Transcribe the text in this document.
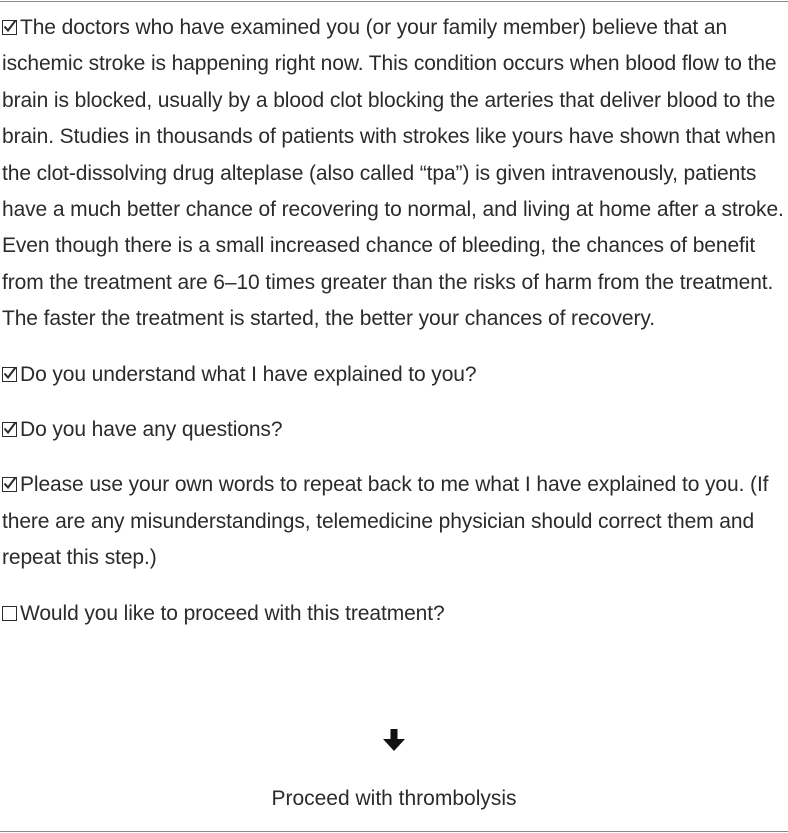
The doctors who have examined you (or your family member) believe that an ischemic stroke is happening right now. This condition occurs when blood flow to the brain is blocked, usually by a blood clot blocking the arteries that deliver blood to the brain. Studies in thousands of patients with strokes like yours have shown that when the clot-dissolving drug alteplase (also called “tpa”) is given intravenously, patients have a much better chance of recovering to normal, and living at home after a stroke. Even though there is a small increased chance of bleeding, the chances of benefit from the treatment are 6–10 times greater than the risks of harm from the treatment. The faster the treatment is started, the better your chances of recovery.

Do you understand what I have explained to you?

Do you have any questions?

Please use your own words to repeat back to me what I have explained to you. (If there are any misunderstandings, telemedicine physician should correct them and repeat this step.)

Would you like to proceed with this treatment?

Proceed with thrombolysis
